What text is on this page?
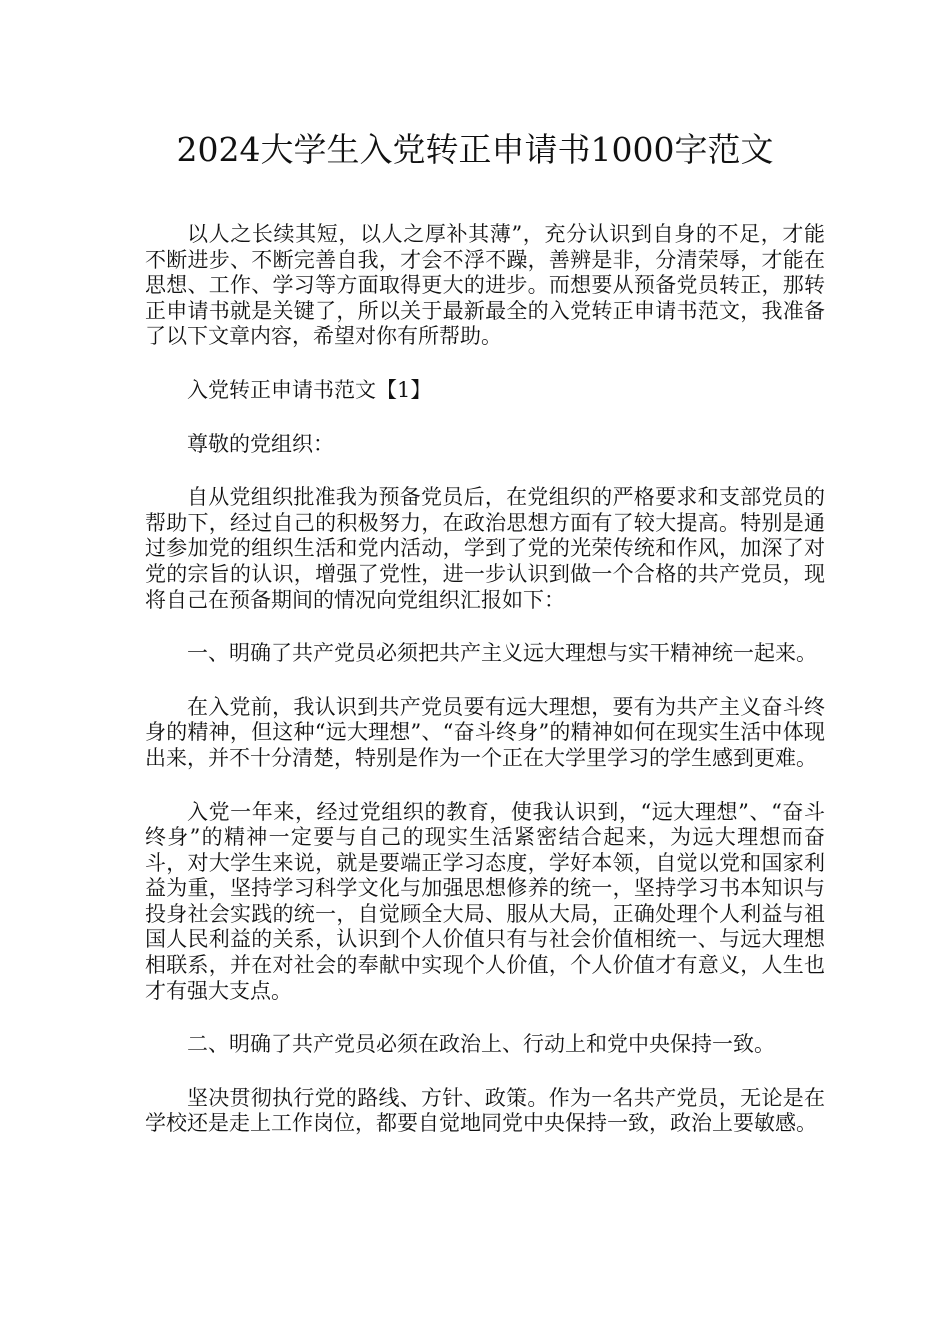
2024大学生入党转正申请书1000字范文

以人之长续其短，以人之厚补其薄”，充分认识到自身的不足，才能不断进步、不断完善自我，才会不浮不躁，善辨是非，分清荣辱，才能在思想、工作、学习等方面取得更大的进步。而想要从预备党员转正，那转正申请书就是关键了，所以关于最新最全的入党转正申请书范文，我准备了以下文章内容，希望对你有所帮助。

入党转正申请书范文【1】

尊敬的党组织：

自从党组织批准我为预备党员后，在党组织的严格要求和支部党员的帮助下，经过自己的积极努力，在政治思想方面有了较大提高。特别是通过参加党的组织生活和党内活动，学到了党的光荣传统和作风，加深了对党的宗旨的认识，增强了党性，进一步认识到做一个合格的共产党员，现将自己在预备期间的情况向党组织汇报如下：

一、明确了共产党员必须把共产主义远大理想与实干精神统一起来。

在入党前，我认识到共产党员要有远大理想，要有为共产主义奋斗终身的精神，但这种“远大理想”、“奋斗终身”的精神如何在现实生活中体现出来，并不十分清楚，特别是作为一个正在大学里学习的学生感到更难。

入党一年来，经过党组织的教育，使我认识到，“远大理想”、“奋斗终身”的精神一定要与自己的现实生活紧密结合起来，为远大理想而奋斗，对大学生来说，就是要端正学习态度，学好本领，自觉以党和国家利益为重，坚持学习科学文化与加强思想修养的统一，坚持学习书本知识与投身社会实践的统一，自觉顾全大局、服从大局，正确处理个人利益与祖国人民利益的关系，认识到个人价值只有与社会价值相统一、与远大理想相联系，并在对社会的奉献中实现个人价值，个人价值才有意义，人生也才有强大支点。

二、明确了共产党员必须在政治上、行动上和党中央保持一致。

坚决贯彻执行党的路线、方针、政策。作为一名共产党员，无论是在学校还是走上工作岗位，都要自觉地同党中央保持一致，政治上要敏感。
